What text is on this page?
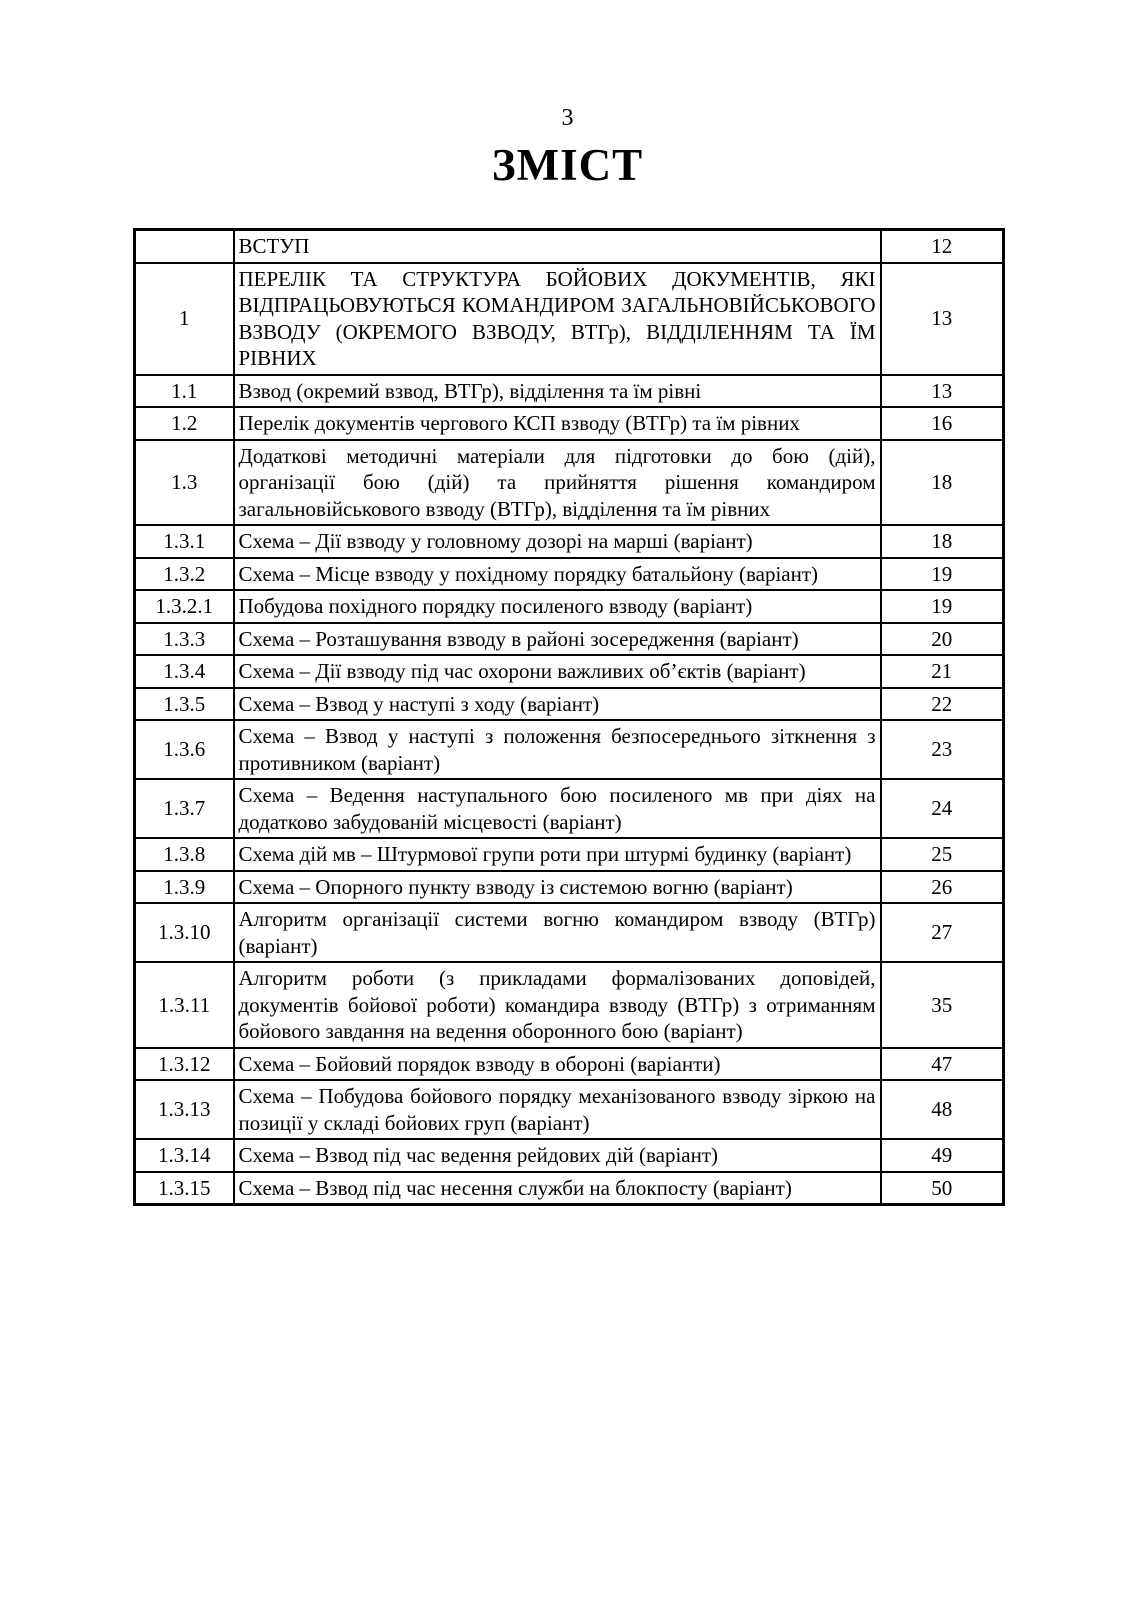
3
ЗМІСТ
	ВСТУП	12
1	ПЕРЕЛІК ТА СТРУКТУРА БОЙОВИХ ДОКУМЕНТІВ, ЯКІ ВІДПРАЦЬОВУЮТЬСЯ КОМАНДИРОМ ЗАГАЛЬНОВІЙСЬКОВОГО ВЗВОДУ (ОКРЕМОГО ВЗВОДУ, ВТГр), ВІДДІЛЕННЯМ ТА ЇМ РІВНИХ	13
1.1	Взвод (окремий взвод, ВТГр), відділення та їм рівні	13
1.2	Перелік документів чергового КСП взводу (ВТГр) та їм рівних	16
1.3	Додаткові методичні матеріали для підготовки до бою (дій), організації бою (дій) та прийняття рішення командиром загальновійськового взводу (ВТГр), відділення та їм рівних	18
1.3.1	Схема – Дії взводу у головному дозорі на марші (варіант)	18
1.3.2	Схема – Місце взводу у похідному порядку батальйону (варіант)	19
1.3.2.1	Побудова похідного порядку посиленого взводу (варіант)	19
1.3.3	Схема – Розташування взводу в районі зосередження (варіант)	20
1.3.4	Схема – Дії взводу під час охорони важливих об’єктів (варіант)	21
1.3.5	Схема – Взвод у наступі з ходу (варіант)	22
1.3.6	Схема – Взвод у наступі з положення безпосереднього зіткнення з противником (варіант)	23
1.3.7	Схема – Ведення наступального бою посиленого мв при діях на додатково забудованій місцевості (варіант)	24
1.3.8	Схема дій мв – Штурмової групи роти при штурмі будинку (варіант)	25
1.3.9	Схема – Опорного пункту взводу із системою вогню (варіант)	26
1.3.10	Алгоритм організації системи вогню командиром взводу (ВТГр) (варіант)	27
1.3.11	Алгоритм роботи (з прикладами формалізованих доповідей, документів бойової роботи) командира взводу (ВТГр) з отриманням бойового завдання на ведення оборонного бою (варіант)	35
1.3.12	Схема – Бойовий порядок взводу в обороні (варіанти)	47
1.3.13	Схема – Побудова бойового порядку механізованого взводу зіркою на позиції у складі бойових груп (варіант)	48
1.3.14	Схема – Взвод під час ведення рейдових дій (варіант)	49
1.3.15	Схема – Взвод під час несення служби на блокпосту (варіант)	50
